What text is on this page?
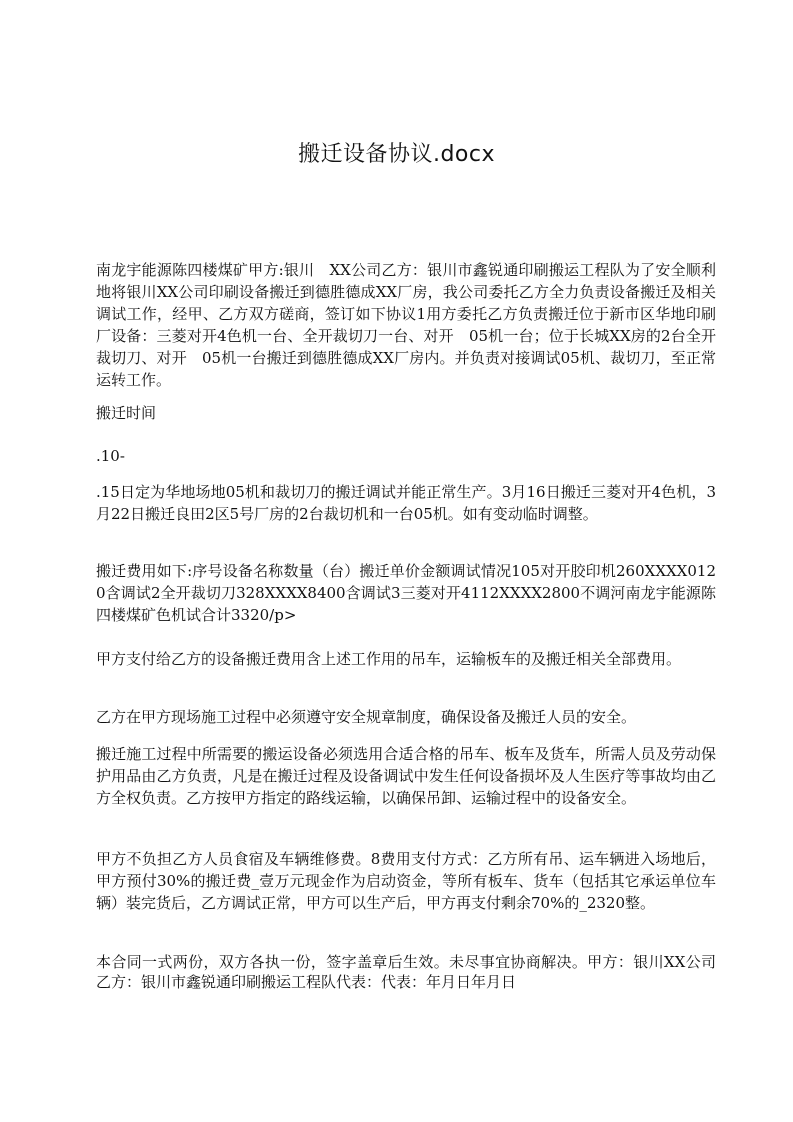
搬迁设备协议.docx

南龙宇能源陈四楼煤矿甲方:银川　XX公司乙方：银川市鑫锐通印刷搬运工程队为了安全顺利地将银川XX公司印刷设备搬迁到德胜德成XX厂房，我公司委托乙方全力负责设备搬迁及相关调试工作，经甲、乙方双方磋商，签订如下协议1用方委托乙方负责搬迁位于新市区华地印刷厂设备：三菱对开4色机一台、全开裁切刀一台、对开　05机一台；位于长城XX房的2台全开裁切刀、对开　05机一台搬迁到德胜德成XX厂房内。并负责对接调试05机、裁切刀，至正常运转工作。

搬迁时间

.10-

.15日定为华地场地05机和裁切刀的搬迁调试并能正常生产。3月16日搬迁三菱对开4色机，3月22日搬迁良田2区5号厂房的2台裁切机和一台05机。如有变动临时调整。

搬迁费用如下:序号设备名称数量（台）搬迁单价金额调试情况105对开胶印机260XXXX0120含调试2全开裁切刀328XXXX8400含调试3三菱对开4112XXXX2800不调河南龙宇能源陈四楼煤矿色机试合计3320/p>

甲方支付给乙方的设备搬迁费用含上述工作用的吊车，运输板车的及搬迁相关全部费用。

乙方在甲方现场施工过程中必须遵守安全规章制度，确保设备及搬迁人员的安全。

搬迁施工过程中所需要的搬运设备必须选用合适合格的吊车、板车及货车，所需人员及劳动保护用品由乙方负责，凡是在搬迁过程及设备调试中发生任何设备损坏及人生医疗等事故均由乙方全权负责。乙方按甲方指定的路线运输，以确保吊卸、运输过程中的设备安全。

甲方不负担乙方人员食宿及车辆维修费。8费用支付方式：乙方所有吊、运车辆进入场地后，甲方预付30%的搬迁费_壹万元现金作为启动资金，等所有板车、货车（包括其它承运单位车辆）装完货后，乙方调试正常，甲方可以生产后，甲方再支付剩余70%的_2320整。

本合同一式两份，双方各执一份，签字盖章后生效。未尽事宜协商解决。甲方：银川XX公司乙方：银川市鑫锐通印刷搬运工程队代表：代表：年月日年月日
